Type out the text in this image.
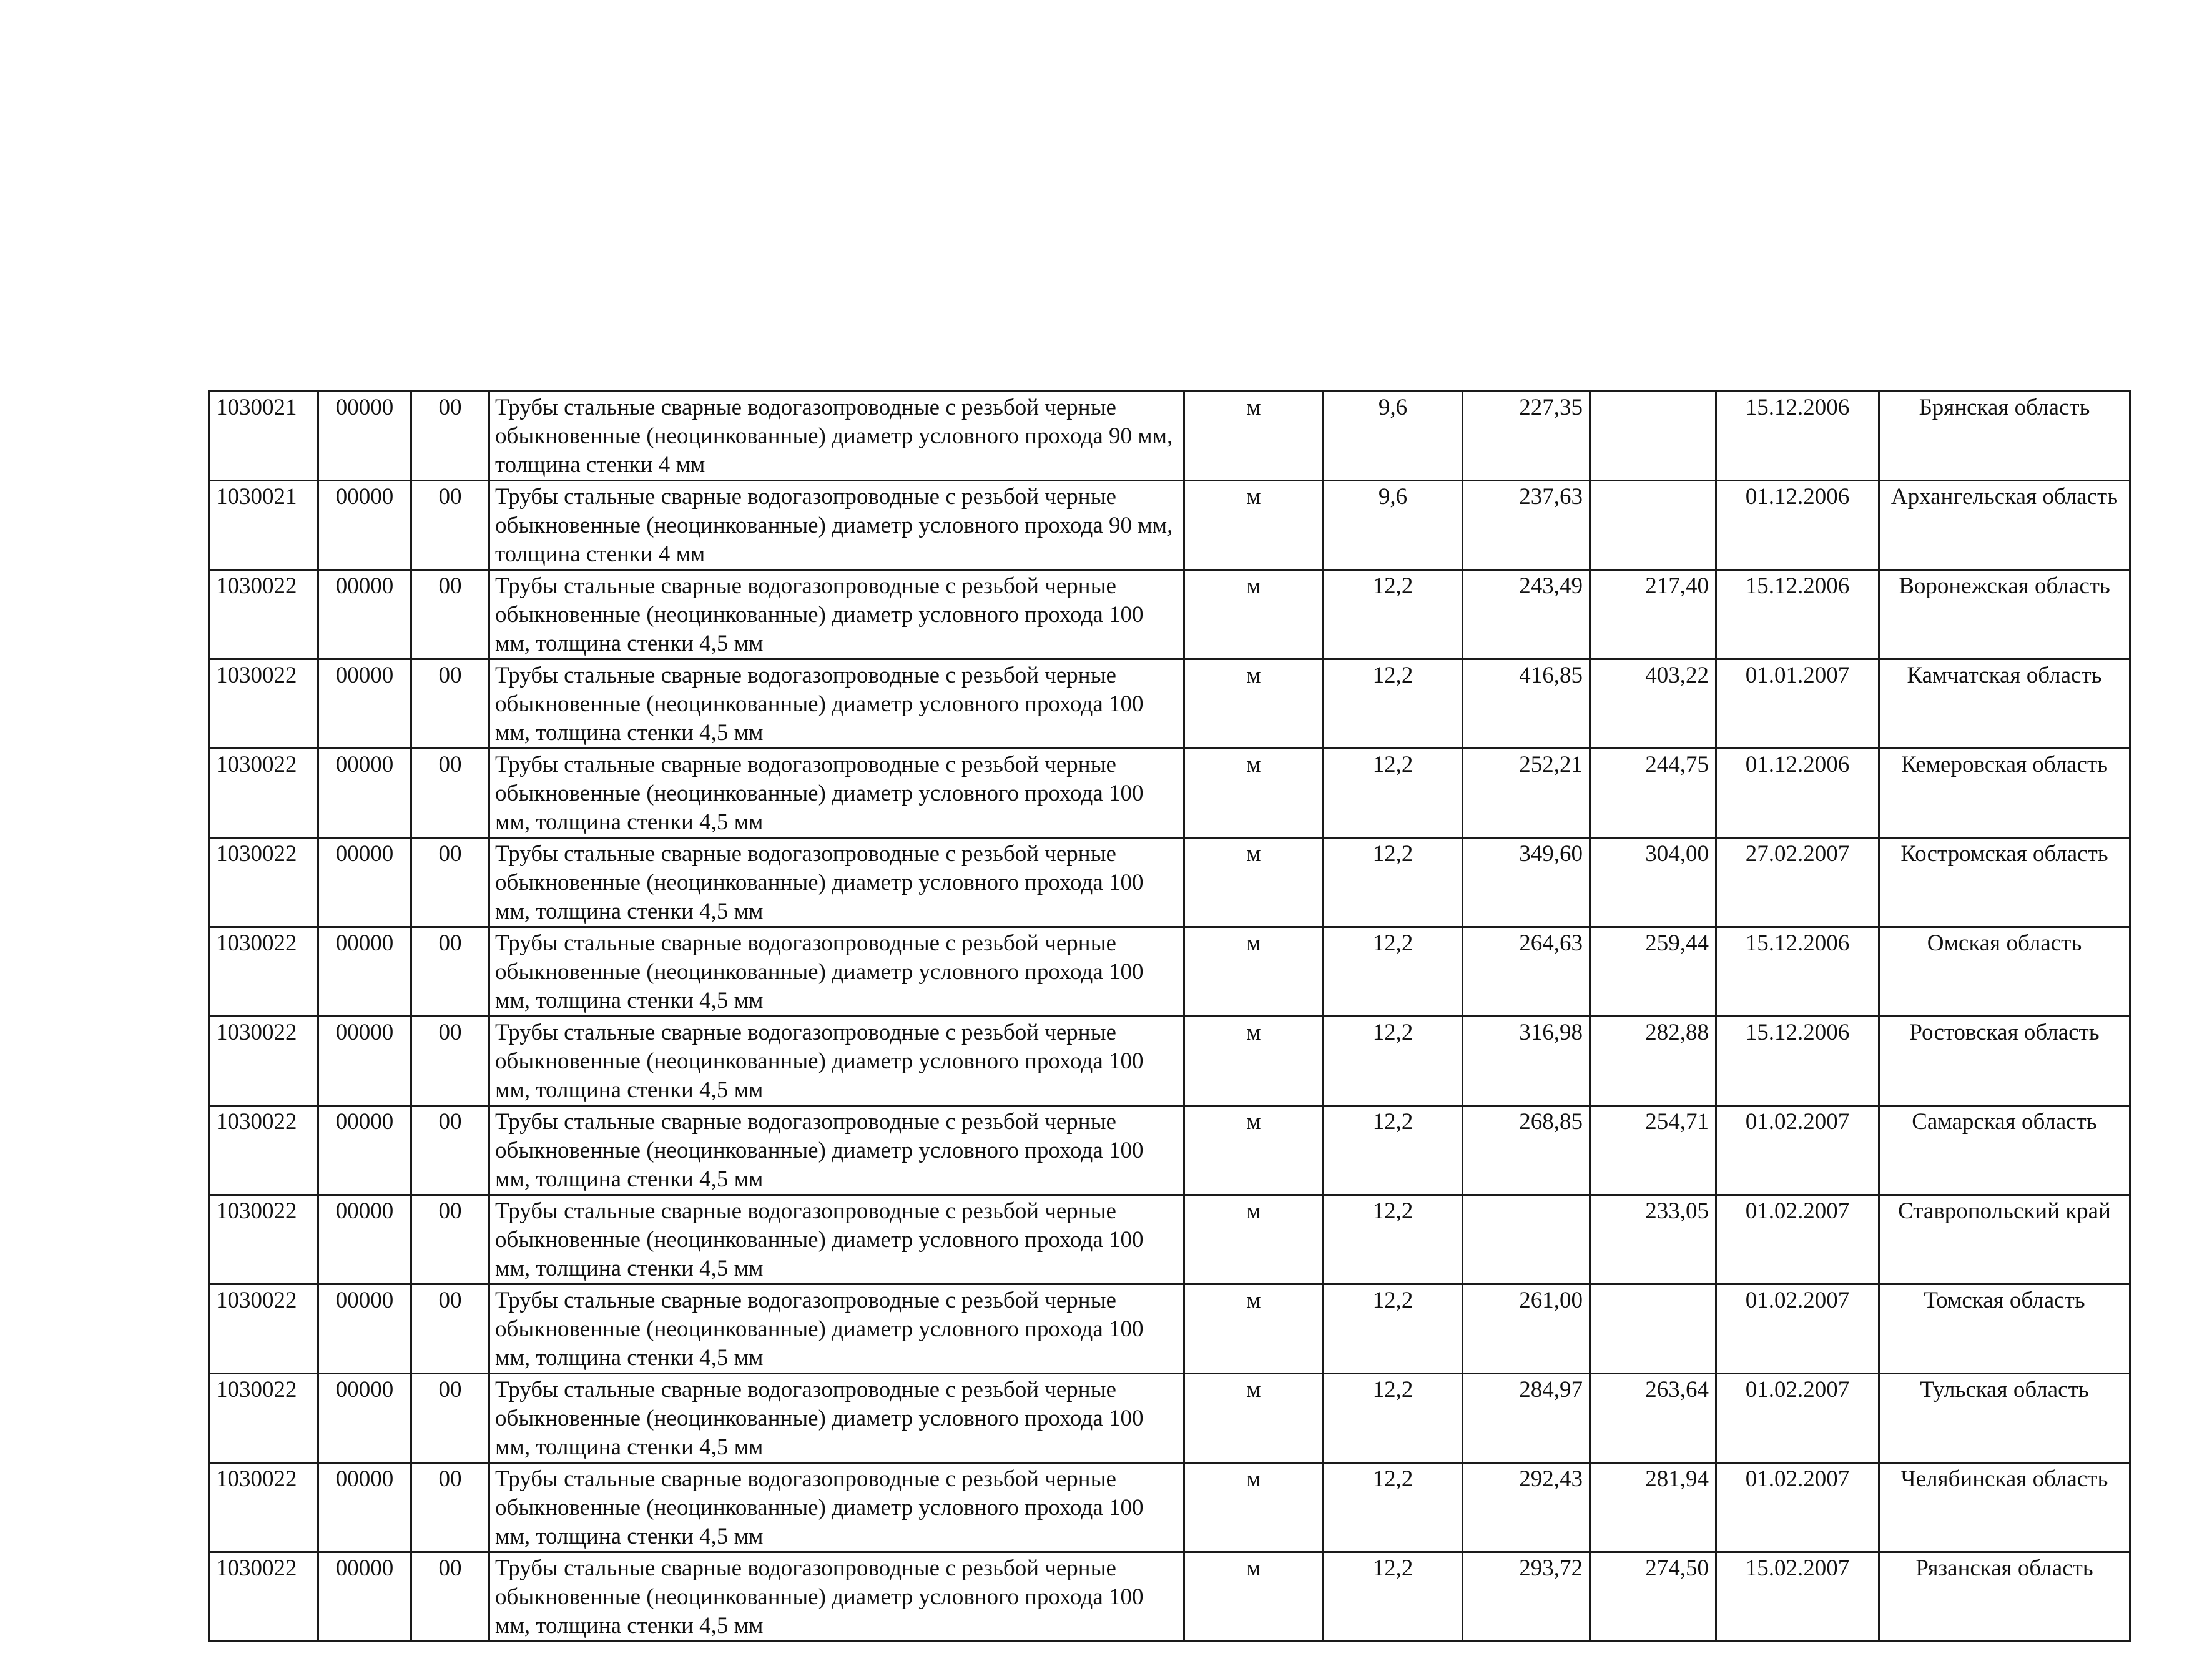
1030021	00000	00	Трубы стальные сварные водогазопроводные с резьбой черные обыкновенные (неоцинкованные) диаметр условного прохода 90 мм, толщина стенки 4 мм	м	9,6	227,35		15.12.2006	Брянская область
1030021	00000	00	Трубы стальные сварные водогазопроводные с резьбой черные обыкновенные (неоцинкованные) диаметр условного прохода 90 мм, толщина стенки 4 мм	м	9,6	237,63		01.12.2006	Архангельская область
1030022	00000	00	Трубы стальные сварные водогазопроводные с резьбой черные обыкновенные (неоцинкованные) диаметр условного прохода 100 мм, толщина стенки 4,5 мм	м	12,2	243,49	217,40	15.12.2006	Воронежская область
1030022	00000	00	Трубы стальные сварные водогазопроводные с резьбой черные обыкновенные (неоцинкованные) диаметр условного прохода 100 мм, толщина стенки 4,5 мм	м	12,2	416,85	403,22	01.01.2007	Камчатская область
1030022	00000	00	Трубы стальные сварные водогазопроводные с резьбой черные обыкновенные (неоцинкованные) диаметр условного прохода 100 мм, толщина стенки 4,5 мм	м	12,2	252,21	244,75	01.12.2006	Кемеровская область
1030022	00000	00	Трубы стальные сварные водогазопроводные с резьбой черные обыкновенные (неоцинкованные) диаметр условного прохода 100 мм, толщина стенки 4,5 мм	м	12,2	349,60	304,00	27.02.2007	Костромская область
1030022	00000	00	Трубы стальные сварные водогазопроводные с резьбой черные обыкновенные (неоцинкованные) диаметр условного прохода 100 мм, толщина стенки 4,5 мм	м	12,2	264,63	259,44	15.12.2006	Омская область
1030022	00000	00	Трубы стальные сварные водогазопроводные с резьбой черные обыкновенные (неоцинкованные) диаметр условного прохода 100 мм, толщина стенки 4,5 мм	м	12,2	316,98	282,88	15.12.2006	Ростовская область
1030022	00000	00	Трубы стальные сварные водогазопроводные с резьбой черные обыкновенные (неоцинкованные) диаметр условного прохода 100 мм, толщина стенки 4,5 мм	м	12,2	268,85	254,71	01.02.2007	Самарская область
1030022	00000	00	Трубы стальные сварные водогазопроводные с резьбой черные обыкновенные (неоцинкованные) диаметр условного прохода 100 мм, толщина стенки 4,5 мм	м	12,2		233,05	01.02.2007	Ставропольский край
1030022	00000	00	Трубы стальные сварные водогазопроводные с резьбой черные обыкновенные (неоцинкованные) диаметр условного прохода 100 мм, толщина стенки 4,5 мм	м	12,2	261,00		01.02.2007	Томская область
1030022	00000	00	Трубы стальные сварные водогазопроводные с резьбой черные обыкновенные (неоцинкованные) диаметр условного прохода 100 мм, толщина стенки 4,5 мм	м	12,2	284,97	263,64	01.02.2007	Тульская область
1030022	00000	00	Трубы стальные сварные водогазопроводные с резьбой черные обыкновенные (неоцинкованные) диаметр условного прохода 100 мм, толщина стенки 4,5 мм	м	12,2	292,43	281,94	01.02.2007	Челябинская область
1030022	00000	00	Трубы стальные сварные водогазопроводные с резьбой черные обыкновенные (неоцинкованные) диаметр условного прохода 100 мм, толщина стенки 4,5 мм	м	12,2	293,72	274,50	15.02.2007	Рязанская область
